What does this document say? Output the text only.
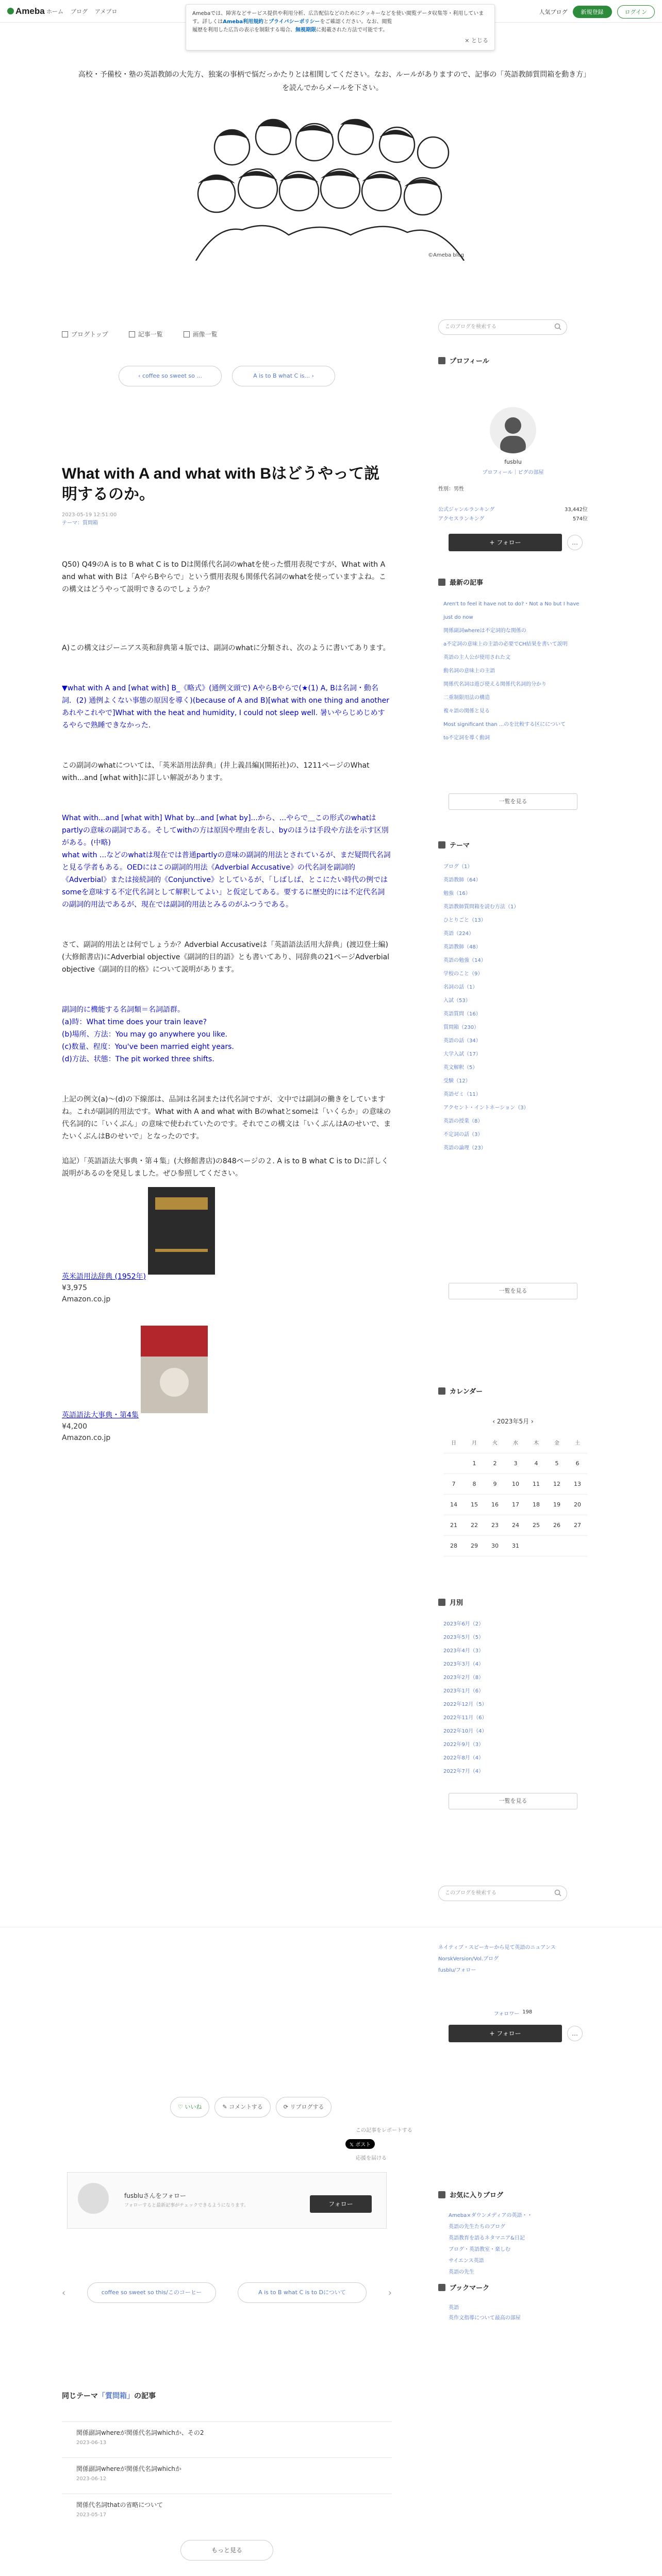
Ameba ホーム ブログ アメプロ	人気ブログ	新規登録	ログイン
Amebaでは、障害などサービス提供や利用分析、広告配信などのためにクッキーなどを使い閲覧データ収集等・利用しています。詳しくはAmeba利用規約とプライバシーポリシーをご確認ください。なお、閲覧
履歴を利用した広告の表示を制限する場合、無視期限に掲載された方法で可能です。
× とじる
高校・予備校・塾の英語教師の大先方、独案の事柄で悩だっかたりとは相関してください。なお、ルールがありますので、記事の「英語教師質問箱を動き方」を読んでからメールを下さい。
©Ameba blog
ブログトップ	記事一覧	画像一覧
‹ coffee so sweet so ...	A is to B what C is... ›
What with A and what with Bはどうやって説明するのか。
2023-05-19 12:51:00
テーマ：質問箱

Q50) Q49のA is to B what C is to Dは関係代名詞のwhatを使った慣用表現ですが、What with A and what with Bは「AやらBやらで」という慣用表現も関係代名詞のwhatを使っていますよね。この構文はどうやって説明できるのでしょうか？

A)この構文はジーニアス英和辞典第４版では、副詞のwhatに分類され、次のように書いてあります。

▼what with A and [what with] B_《略式》(通例文頭で) AやらBやらで(★(1) A, Bは名詞・動名詞．(2) 通例よくない事態の原因を導く)(because of A and B)[what with one thing and another あれやこれやで]What with the heat and humidity, I could not sleep well. 暑いやらじめじめするやらで熟睡できなかった.

この副詞のwhatについては、「英米語用法辞典」(井上義昌編)(開拓社)の、1211ページのWhat with...and [what with]に詳しい解説があります。

What with...and [what with] What by...and [what by]...から、...やらで＿この形式のwhatはpartlyの意味の副詞である。そしてwithの方は原因や理由を表し、byのほうは手段や方法を示す区別がある。(中略)

what with ...などのwhatは現在では普通partlyの意味の副詞的用法とされているが、まだ疑問代名詞と見る学者もある。OEDにはこの副詞的用法《Adverbial Accusative》の代名詞を副詞的《Adverbial》または接続詞的《Conjunctive》としているが、「しばしば、とこにたい時代の例ではsomeを意味する不定代名詞として解釈してよい」と仮定してある。要するに歴史的には不定代名詞の副詞的用法であるが、現在では副詞的用法とみるのがふつうである。

さて、副詞的用法とは何でしょうか？Adverbial Accusativeは「英語語法活用大辞典」(渡辺登士編)(大修館書店)にAdverbial objective《副詞的目的語》とも書いてあり、同辞典の21ページAdverbial objective《副詞的目的格》について説明があります。

副詞的に機能する名詞類＝名詞語群。
(a)時：What time does your train leave?
(b)場所、方法：You may go anywhere you like.
(c)数量、程度：You've been married eight years.
(d)方法、状態：The pit worked three shifts.

上記の例文(a)〜(d)の下線部は、品詞は名詞または代名詞ですが、文中では副詞の働きをしていますね。これが副詞的用法です。What with A and what with Bのwhatとsomeは「いくらか」の意味の代名詞的に「いくぶん」の意味で使われていたのです。それでこの構文は「いくぶんはAのせいで、またいくぶんはBのせいで」となったのです。

追記）「英語語法大事典・第４集」(大修館書店)の848ページの２. A is to B what C is to Dに詳しく説明があるのを発見しました。ぜひ参照してください。

英米語用法辞典 (1952年)
¥3,975
Amazon.co.jp
英語語法大事典・第4集
¥4,200
Amazon.co.jp
♡ いいね	✎ コメントする	⟳ リブログする
この記事をレポートする
𝕏 ポスト
応援を届ける
fusbluさんをフォロー
フォローすると最新記事がチェックできるようになります。	フォロー
‹	coffee so sweet so this/このコーヒー	A is to B what C is to Dについて	›
同じテーマ「質問箱」の記事
関係副詞whereが関係代名詞whichか、その2
2023-06-13
関係副詞whereが関係代名詞whichか
2023-06-12
関係代名詞thatの省略について
2023-05-17
もっと見る
このブログを検索する
プロフィール
fusblu
プロフィール｜ピグの部屋
性別：男性
公式ジャンルランキング	33,442位
アクセスランキング	574位
+ フォロー	…
最新の記事
Aren't to feel it have not to do?・Not a No but I have just do now
関係副詞whereは不定詞的な関係の
a不定詞の意味上の主語の必要でCH結果を書いて説明
英語の主人公が使用された文
動名詞の意味上の主語
関係代名詞は遊び使える関係代名詞的分かり
二重制限用法の構造
複々語の関係と見る
Most significant than ...のを比較する区にについて
to不定詞を導く動詞
一覧を見る
テーマ
ブログ（1）
英語教師（64）
勉強（16）
英語教師質問箱を読む方法（1）
ひとりごと（13）
英語（224）
英語教師（48）
英語の勉強（14）
学校のこと（9）
名詞の話（1）
入試（53）
英語質問（16）
質問箱（230）
英語の話（34）
大学入試（17）
英文解釈（5）
受験（12）
英語ゼミ（11）
アクセント・イントネーション（3）
英語の授業（8）
不定詞の話（3）
英語の論理（23）
一覧を見る
カレンダー
‹ 2023年5月 ›
日	月	火	水	木	金	土
	1	2	3	4	5	6
7	8	9	10	11	12	13
14	15	16	17	18	19	20
21	22	23	24	25	26	27
28	29	30	31			
月別
2023年6月（2）
2023年5月（5）
2023年4月（3）
2023年3月（4）
2023年2月（8）
2023年1月（6）
2022年12月（5）
2022年11月（6）
2022年10月（4）
2022年9月（3）
2022年8月（4）
2022年7月（4）
一覧を見る
このブログを検索する
ネイティブ・スピーカーから見て英語のニュアンス
NorskVersion/Vol.ブログ
fusblu/フォロー
フォロワー 198
+ フォロー	…
お気に入りブログ
Ameba×ダウンメディアの英語・・
英語の先生たちのブログ
英語教育を語るネタマニア&日記
ブログ・英語教室・楽しむ
サイエンス英語
英語の先生
ブックマーク
英語
英作文指導について最高の部屋
